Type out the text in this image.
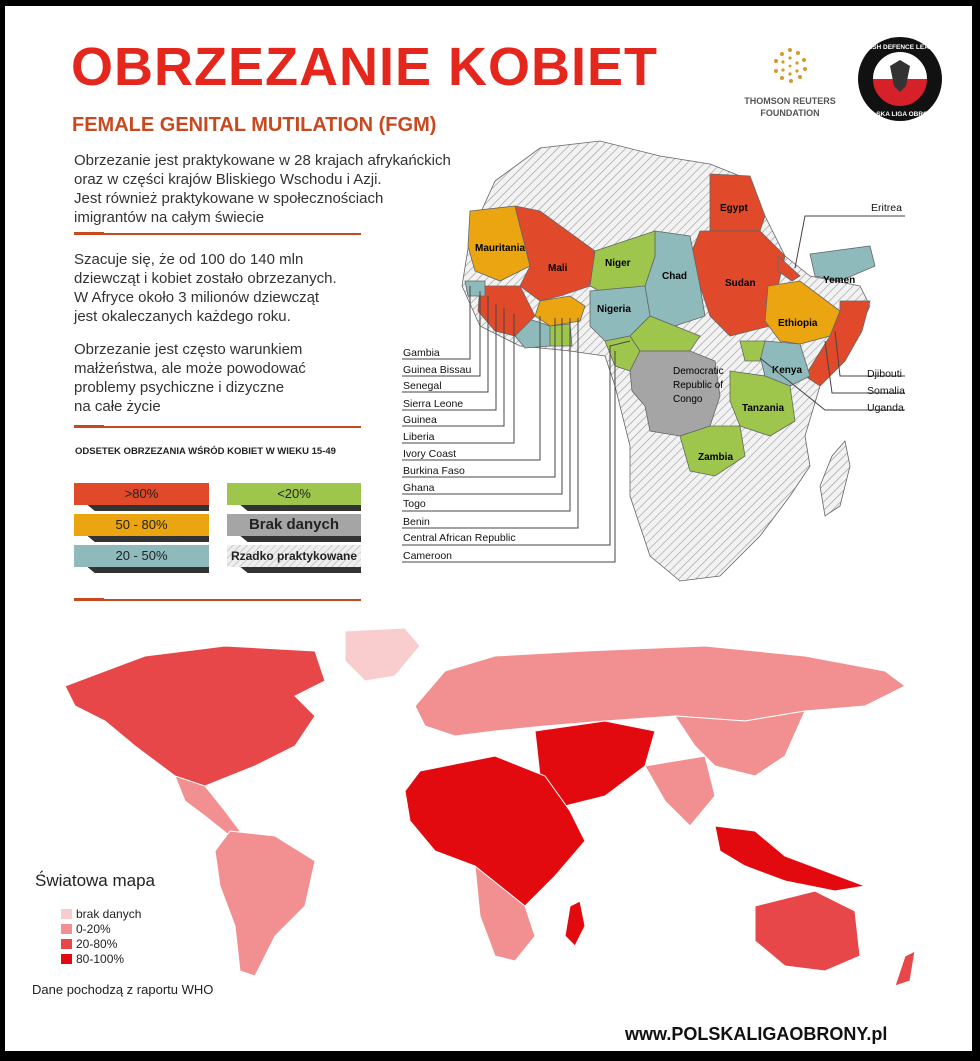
OBRZEZANIE KOBIET
FEMALE GENITAL MUTILATION (FGM)
THOMSON REUTERS
FOUNDATION
POLISH DEFENCE LEAGUE
POLSKA LIGA OBRONY
Obrzezanie jest praktykowane w 28 krajach afrykańckich
oraz w części krajów Bliskiego Wschodu i Azji.
Jest również praktykowane w społecznościach
imigrantów na całym świecie
Szacuje się, że od 100 do 140 mln
dziewcząt i kobiet zostało obrzezanych.
W Afryce około 3 milionów dziewcząt
jest okaleczanych każdego roku.
Obrzezanie jest często warunkiem
małżeństwa, ale może powodować
problemy psychiczne i dizyczne
na całe życie
ODSETEK OBRZEZANIA WŚRÓD KOBIET W WIEKU 15-49
>80%
50 - 80%
20 - 50%
<20%
Brak danych
Rzadko praktykowane
Mauritania
Mali	Niger
Chad
Nigeria
Egypt
Sudan	Yemen
Ethiopia
Kenya
Tanzania
Zambia
Democratic
Republic of
Congo
Eritrea
Djibouti
Somalia
Uganda
Gambia
Guinea Bissau
Senegal
Sierra Leone
Guinea
Liberia
Ivory Coast
Burkina Faso
Ghana
Togo
Benin
Central African Republic
Cameroon
Światowa mapa
brak danych
0-20%
20-80%
80-100%
Dane pochodzą z raportu WHO
www.POLSKALIGAOBRONY.pl
